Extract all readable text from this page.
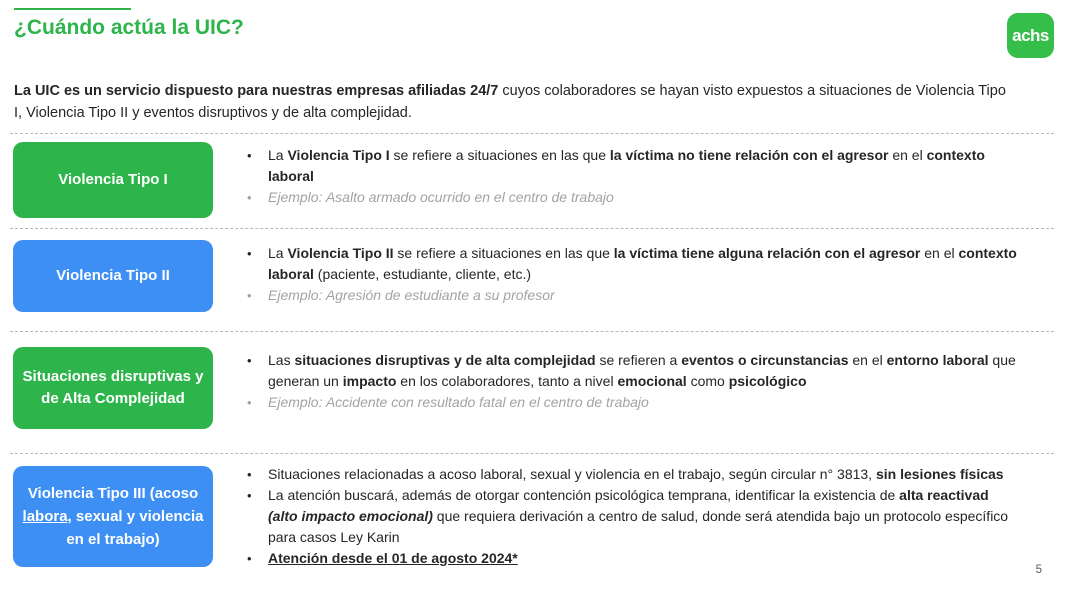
¿Cuándo actúa la UIC?	achs

La UIC es un servicio dispuesto para nuestras empresas afiliadas 24/7 cuyos colaboradores se hayan visto expuestos a situaciones de Violencia Tipo I, Violencia Tipo II y eventos disruptivos y de alta complejidad.

Violencia Tipo I
• La Violencia Tipo I se refiere a situaciones en las que la víctima no tiene relación con el agresor en el contexto laboral
• Ejemplo: Asalto armado ocurrido en el centro de trabajo
Violencia Tipo II
• La Violencia Tipo II se refiere a situaciones en las que la víctima tiene alguna relación con el agresor en el contexto laboral (paciente, estudiante, cliente, etc.)
• Ejemplo: Agresión de estudiante a su profesor
Situaciones disruptivas y de Alta Complejidad
• Las situaciones disruptivas y de alta complejidad se refieren a eventos o circunstancias en el entorno laboral que generan un impacto en los colaboradores, tanto a nivel emocional como psicológico
• Ejemplo: Accidente con resultado fatal en el centro de trabajo
Violencia Tipo III (acoso labora, sexual y violencia en el trabajo)
• Situaciones relacionadas a acoso laboral, sexual y violencia en el trabajo, según circular n° 3813, sin lesiones físicas
• La atención buscará, además de otorgar contención psicológica temprana, identificar la existencia de alta reactivad (alto impacto emocional) que requiera derivación a centro de salud, donde será atendida bajo un protocolo específico para casos Ley Karin
• Atención desde el 01 de agosto 2024*
5
